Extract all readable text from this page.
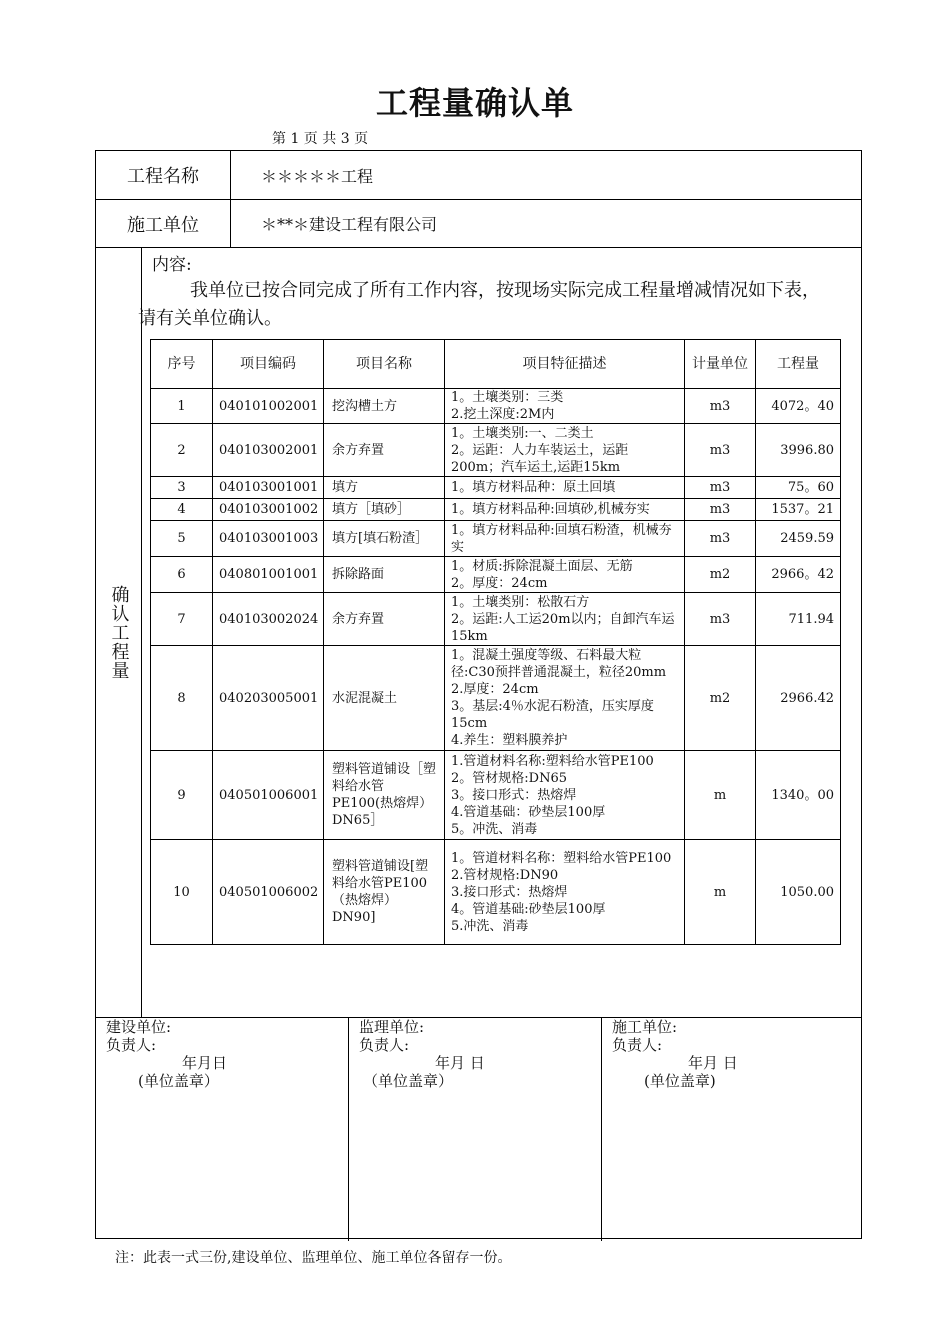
工程量确认单
第 1 页 共 3 页
工程名称	＊＊＊＊＊工程
施工单位	＊**＊建设工程有限公司
确认工程量
内容:
我单位已按合同完成了所有工作内容，按现场实际完成工程量增减情况如下表，请有关单位确认。
序号	项目编码	项目名称	项目特征描述	计量单位	工程量
1	040101002001	挖沟槽土方	1。土壤类别：三类
2.挖土深度:2M内	m3	4072。40
2	040103002001	余方弃置	1。土壤类别:一、二类土
2。运距：人力车装运土，运距200m；汽车运土,运距15km	m3	3996.80
3	040103001001	填方	1。填方材料品种：原土回填	m3	75。60
4	040103001002	填方［填砂］	1。填方材料品种:回填砂,机械夯实	m3	1537。21
5	040103001003	填方[填石粉渣］	1。填方材料品种:回填石粉渣，机械夯实	m3	2459.59
6	040801001001	拆除路面	1。材质:拆除混凝土面层、无筋
2。厚度：24cm	m2	2966。42
7	040103002024	余方弃置	1。土壤类别：松散石方
2。运距:人工运20m以内；自卸汽车运15km	m3	711.94
8	040203005001	水泥混凝土	1。混凝土强度等级、石料最大粒径:C30预拌普通混凝土，粒径20mm
2.厚度：24cm
3。基层:4％水泥石粉渣，压实厚度15cm
4.养生：塑料膜养护	m2	2966.42
9	040501006001	塑料管道铺设［塑料给水管PE100(热熔焊）DN65］	1.管道材料名称:塑料给水管PE100
2。管材规格:DN65
3。接口形式：热熔焊
4.管道基础：砂垫层100厚
5。冲洗、消毒	m	1340。00
10	040501006002	塑料管道铺设[塑料给水管PE100（热熔焊）DN90]	1。管道材料名称：塑料给水管PE100
2.管材规格:DN90
3.接口形式：热熔焊
4。管道基础:砂垫层100厚
5.冲洗、消毒	m	1050.00
建设单位:
负责人:
年月日
(单位盖章）
监理单位:
负责人:
年月 日
（单位盖章）
施工单位:
负责人:
年月 日
(单位盖章)
注：此表一式三份,建设单位、监理单位、施工单位各留存一份。
